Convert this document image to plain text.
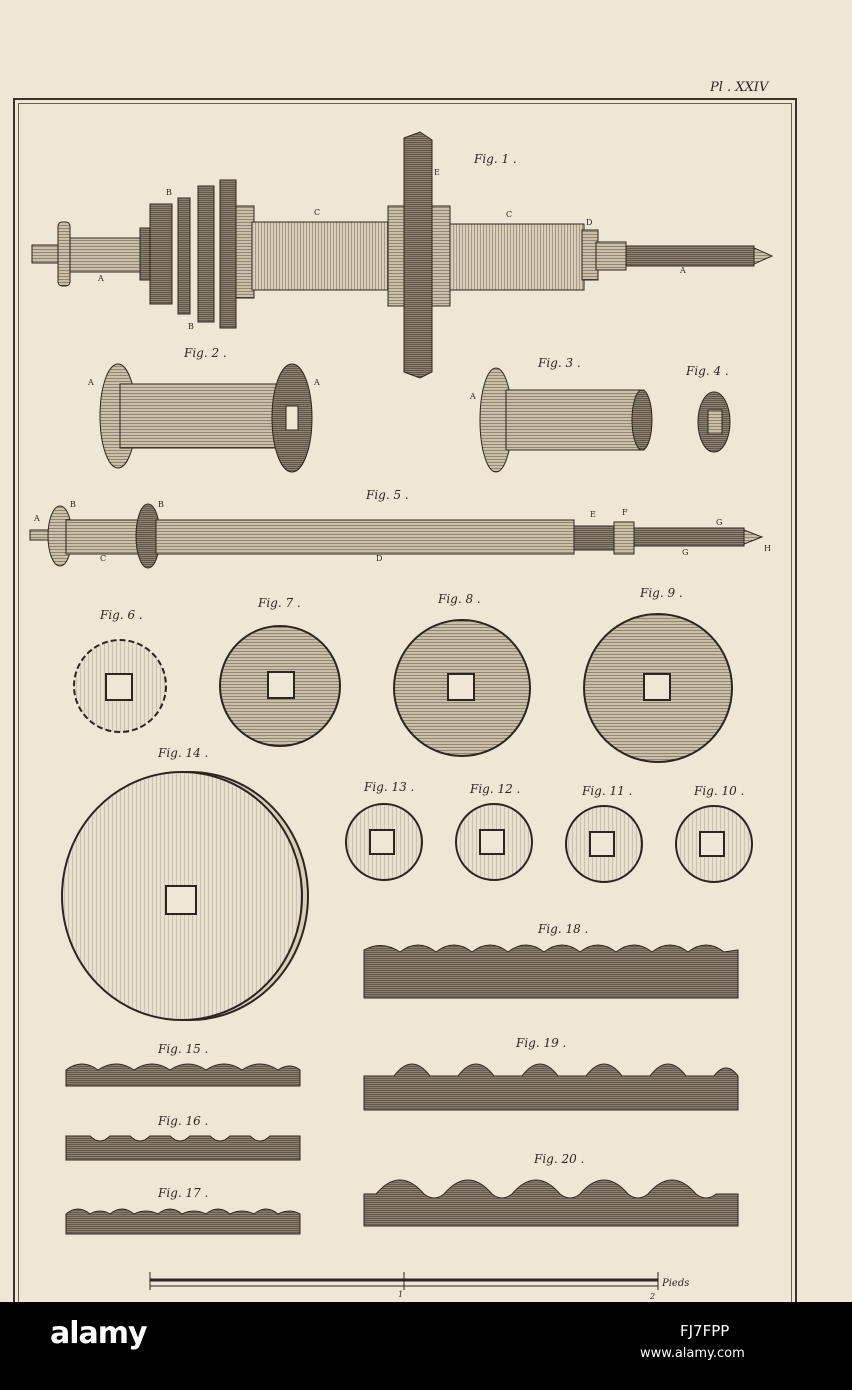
Pl . XXIV
Fig. 1 .
Fig. 2 .
Fig. 3 .
Fig. 4 .
Fig. 5 .
Fig. 6 .
Fig. 7 .	Fig. 8 .	Fig. 9 .
Fig. 10 .
Fig. 11 .
Fig. 12 .
Fig. 13 .
Fig. 14 .
Fig. 15 .
Fig. 16 .
Fig. 17 .
Fig. 18 .
Fig. 19 .
Fig. 20 .
A
B
B
C	C
D
E
A
A	A
A
A
B	B
C	D
E	F
G
G	H
1	2
Pieds
alamy	FJ7FPP
www.alamy.com
